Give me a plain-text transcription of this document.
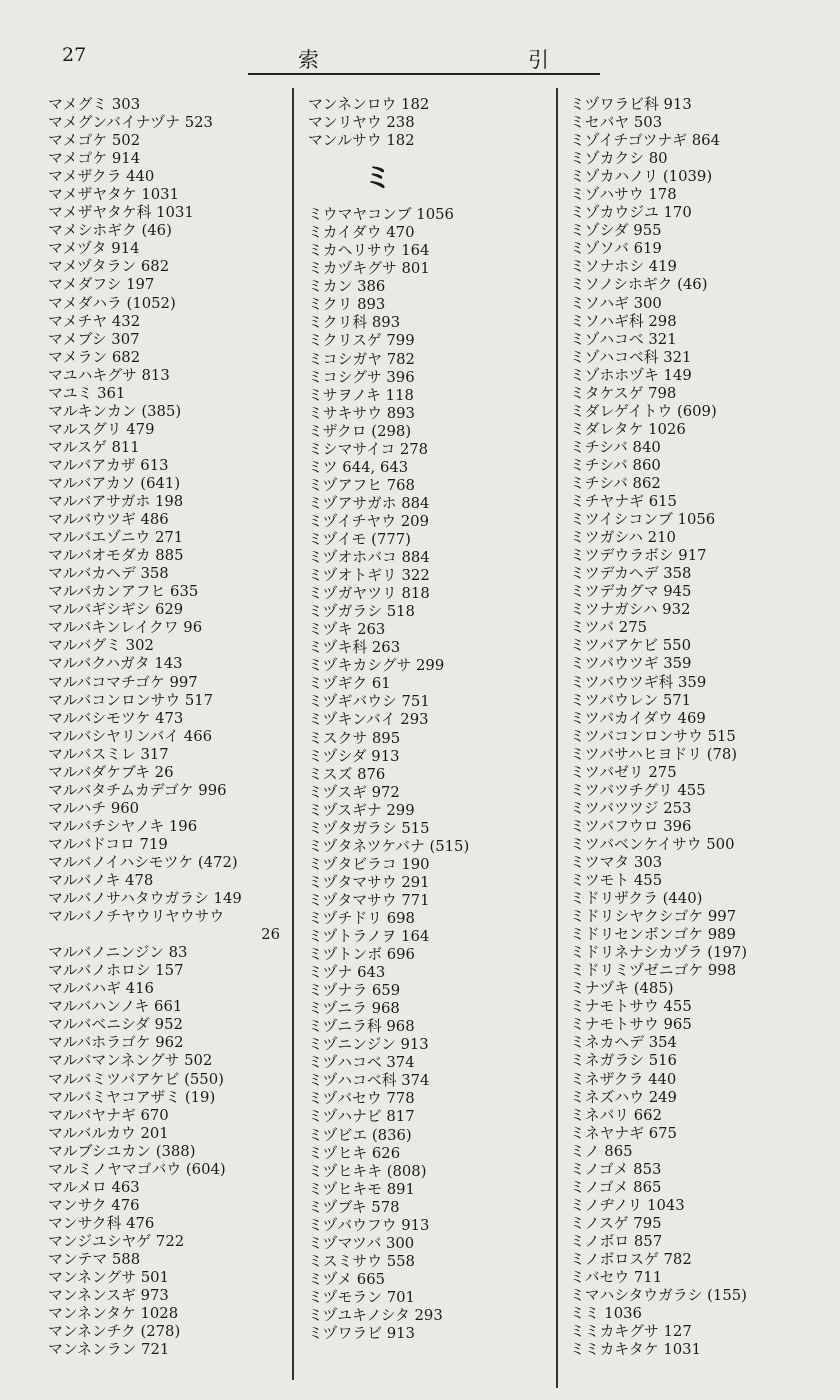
27	索	引
マメグミ 303
マメグンバイナヅナ 523
マメゴケ 502
マメゴケ 914
マメザクラ 440
マメザヤタケ 1031
マメザヤタケ科 1031
マメシホギク (46)
マメヅタ 914
マメヅタラン 682
マメダフシ 197
マメダハラ (1052)
マメチヤ 432
マメブシ 307
マメラン 682
マユハキグサ 813
マユミ 361
マルキンカン (385)
マルスグリ 479
マルスゲ 811
マルバアカザ 613
マルバアカソ (641)
マルバアサガホ 198
マルバウツギ 486
マルバエゾニウ 271
マルバオモダカ 885
マルバカヘデ 358
マルバカンアフヒ 635
マルバギシギシ 629
マルバキンレイクワ 96
マルバグミ 302
マルバクハガタ 143
マルバコマチゴケ 997
マルバコンロンサウ 517
マルバシモツケ 473
マルバシヤリンバイ 466
マルバスミレ 317
マルバダケブキ 26
マルバタチムカデゴケ 996
マルハチ 960
マルバチシヤノキ 196
マルバドコロ 719
マルバノイハシモツケ (472)
マルバノキ 478
マルバノサハタウガラシ 149
マルバノチヤウリヤウサウ
26
マルバノニンジン 83
マルバノホロシ 157
マルバハギ 416
マルバハンノキ 661
マルバベニシダ 952
マルバホラゴケ 962
マルバマンネングサ 502
マルバミツバアケビ (550)
マルバミヤコアザミ (19)
マルバヤナギ 670
マルバルカウ 201
マルブシユカン (388)
マルミノヤマゴバウ (604)
マルメロ 463
マンサク 476
マンサク科 476
マンジユシヤゲ 722
マンテマ 588
マンネングサ 501
マンネンスギ 973
マンネンタケ 1028
マンネンチク (278)
マンネンラン 721
マンネンロウ 182
マンリヤウ 238
マンルサウ 182
ミ
ミウマヤコンブ 1056
ミカイダウ 470
ミカヘリサウ 164
ミカヅキグサ 801
ミカン 386
ミクリ 893
ミクリ科 893
ミクリスゲ 799
ミコシガヤ 782
ミコシグサ 396
ミサヲノキ 118
ミサキサウ 893
ミザクロ (298)
ミシマサイコ 278
ミツ 644, 643
ミヅアフヒ 768
ミヅアサガホ 884
ミヅイチヤウ 209
ミヅイモ (777)
ミヅオホバコ 884
ミヅオトギリ 322
ミヅガヤツリ 818
ミヅガラシ 518
ミヅキ 263
ミヅキ科 263
ミヅキカシグサ 299
ミヅギク 61
ミヅギバウシ 751
ミヅキンバイ 293
ミスクサ 895
ミヅシダ 913
ミスズ 876
ミヅスギ 972
ミヅスギナ 299
ミヅタガラシ 515
ミヅタネツケバナ (515)
ミヅタビラコ 190
ミヅタマサウ 291
ミヅタマサウ 771
ミヅチドリ 698
ミヅトラノヲ 164
ミヅトンボ 696
ミヅナ 643
ミヅナラ 659
ミヅニラ 968
ミヅニラ科 968
ミヅニンジン 913
ミヅハコベ 374
ミヅハコベ科 374
ミヅバセウ 778
ミヅハナビ 817
ミヅビエ (836)
ミヅヒキ 626
ミヅヒキキ (808)
ミヅヒキモ 891
ミヅブキ 578
ミヅバウフウ 913
ミヅマツバ 300
ミスミサウ 558
ミヅメ 665
ミヅモラン 701
ミヅユキノシタ 293
ミヅワラビ 913
ミヅワラビ科 913
ミセバヤ 503
ミゾイチゴツナギ 864
ミゾカクシ 80
ミゾカハノリ (1039)
ミゾハサウ 178
ミゾカウジユ 170
ミゾシダ 955
ミゾソバ 619
ミソナホシ 419
ミソノシホギク (46)
ミソハギ 300
ミソハギ科 298
ミゾハコベ 321
ミゾハコベ科 321
ミゾホホヅキ 149
ミタケスゲ 798
ミダレゲイトウ (609)
ミダレタケ 1026
ミチシバ 840
ミチシバ 860
ミチシバ 862
ミチヤナギ 615
ミツイシコンブ 1056
ミツガシハ 210
ミツデウラボシ 917
ミツデカヘデ 358
ミツデカグマ 945
ミツナガシハ 932
ミツバ 275
ミツバアケビ 550
ミツバウツギ 359
ミツバウツギ科 359
ミツバウレン 571
ミツバカイダウ 469
ミツバコンロンサウ 515
ミツバサハヒヨドリ (78)
ミツバゼリ 275
ミツバツチグリ 455
ミツバツツジ 253
ミツバフウロ 396
ミツバベンケイサウ 500
ミツマタ 303
ミツモト 455
ミドリザクラ (440)
ミドリシヤクシゴケ 997
ミドリセンボンゴケ 989
ミドリネナシカヅラ (197)
ミドリミヅゼニゴケ 998
ミナヅキ (485)
ミナモトサウ 455
ミナモトサウ 965
ミネカヘデ 354
ミネガラシ 516
ミネザクラ 440
ミネズハウ 249
ミネバリ 662
ミネヤナギ 675
ミノ 865
ミノゴメ 853
ミノゴメ 865
ミノヂノリ 1043
ミノスゲ 795
ミノボロ 857
ミノボロスゲ 782
ミバセウ 711
ミマハシタウガラシ (155)
ミミ 1036
ミミカキグサ 127
ミミカキタケ 1031
